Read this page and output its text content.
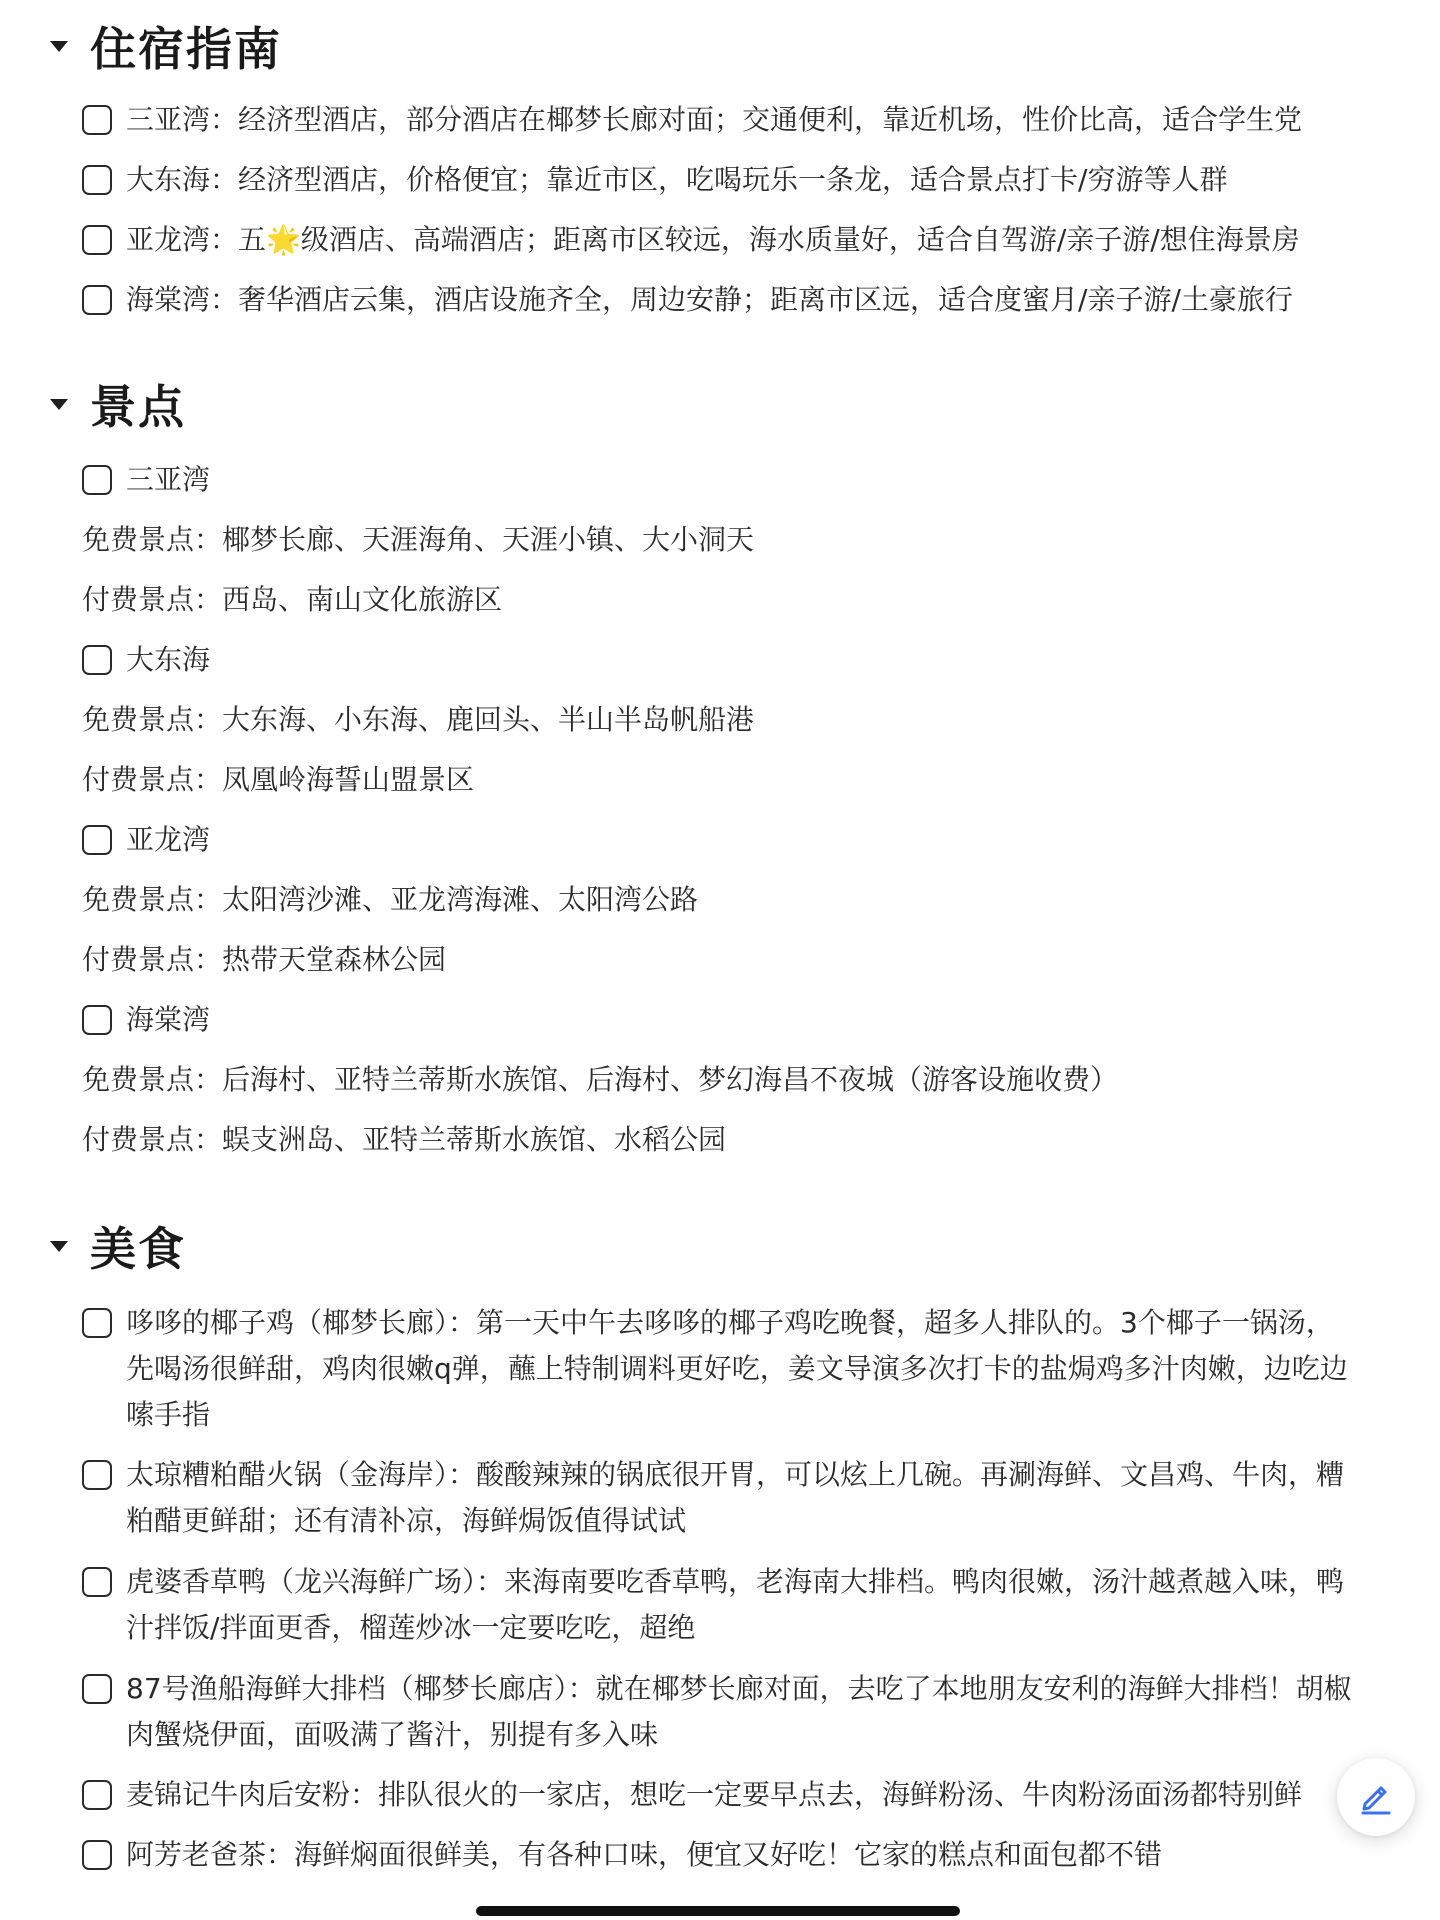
住宿指南
三亚湾：经济型酒店，部分酒店在椰梦长廊对面；交通便利，靠近机场，性价比高，适合学生党
大东海：经济型酒店，价格便宜；靠近市区，吃喝玩乐一条龙，适合景点打卡/穷游等人群
亚龙湾：五🌟级酒店、高端酒店；距离市区较远，海水质量好，适合自驾游/亲子游/想住海景房
海棠湾：奢华酒店云集，酒店设施齐全，周边安静；距离市区远，适合度蜜月/亲子游/土豪旅行
景点
三亚湾
免费景点：椰梦长廊、天涯海角、天涯小镇、大小洞天
付费景点：西岛、南山文化旅游区
大东海
免费景点：大东海、小东海、鹿回头、半山半岛帆船港
付费景点：凤凰岭海誓山盟景区
亚龙湾
免费景点：太阳湾沙滩、亚龙湾海滩、太阳湾公路
付费景点：热带天堂森林公园
海棠湾
免费景点：后海村、亚特兰蒂斯水族馆、后海村、梦幻海昌不夜城（游客设施收费）
付费景点：蜈支洲岛、亚特兰蒂斯水族馆、水稻公园
美食
哆哆的椰子鸡（椰梦长廊）：第一天中午去哆哆的椰子鸡吃晚餐，超多人排队的。3个椰子一锅汤，先喝汤很鲜甜，鸡肉很嫩q弹，蘸上特制调料更好吃，姜文导演多次打卡的盐焗鸡多汁肉嫩，边吃边嗦手指
太琼糟粕醋火锅（金海岸）：酸酸辣辣的锅底很开胃，可以炫上几碗。再涮海鲜、文昌鸡、牛肉，糟粕醋更鲜甜；还有清补凉，海鲜焗饭值得试试
虎婆香草鸭（龙兴海鲜广场）：来海南要吃香草鸭，老海南大排档。鸭肉很嫩，汤汁越煮越入味，鸭汁拌饭/拌面更香，榴莲炒冰一定要吃吃，超绝
87号渔船海鲜大排档（椰梦长廊店）：就在椰梦长廊对面，去吃了本地朋友安利的海鲜大排档！胡椒肉蟹烧伊面，面吸满了酱汁，别提有多入味
麦锦记牛肉后安粉：排队很火的一家店，想吃一定要早点去，海鲜粉汤、牛肉粉汤面汤都特别鲜
阿芳老爸茶：海鲜焖面很鲜美，有各种口味，便宜又好吃！它家的糕点和面包都不错
